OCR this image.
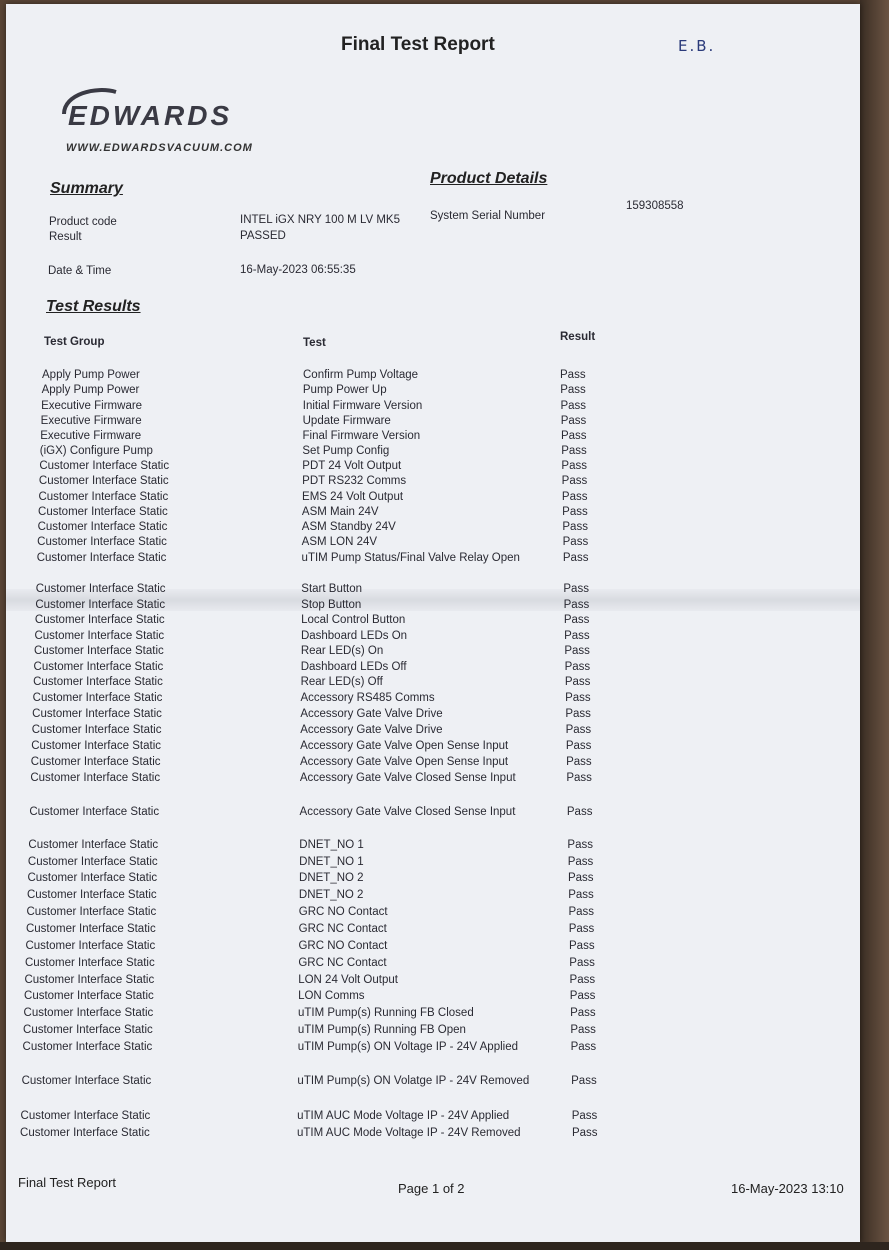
Final Test Report	E.B.
EDWARDS
WWW.EDWARDSVACUUM.COM
Summary
Product Details
Product code	INTEL iGX NRY 100 M LV MK5	System Serial Number
159308558
Result	PASSED
Date & Time	16-May-2023 06:55:35
Test Results
Test Group	Test	Result
Apply Pump Power	Confirm Pump Voltage	Pass
Apply Pump Power	Pump Power Up	Pass
Executive Firmware	Initial Firmware Version	Pass
Executive Firmware	Update Firmware	Pass
Executive Firmware	Final Firmware Version	Pass
(iGX) Configure Pump	Set Pump Config	Pass
Customer Interface Static	PDT 24 Volt Output	Pass
Customer Interface Static	PDT RS232 Comms	Pass
Customer Interface Static	EMS 24 Volt Output	Pass
Customer Interface Static	ASM Main 24V	Pass
Customer Interface Static	ASM Standby 24V	Pass
Customer Interface Static	ASM LON 24V	Pass
Customer Interface Static	uTIM Pump Status/Final Valve Relay Open	Pass
Customer Interface Static	Start Button	Pass
Customer Interface Static	Stop Button	Pass
Customer Interface Static	Local Control Button	Pass
Customer Interface Static	Dashboard LEDs On	Pass
Customer Interface Static	Rear LED(s) On	Pass
Customer Interface Static	Dashboard LEDs Off	Pass
Customer Interface Static	Rear LED(s) Off	Pass
Customer Interface Static	Accessory RS485 Comms	Pass
Customer Interface Static	Accessory Gate Valve Drive	Pass
Customer Interface Static	Accessory Gate Valve Drive	Pass
Customer Interface Static	Accessory Gate Valve Open Sense Input	Pass
Customer Interface Static	Accessory Gate Valve Open Sense Input	Pass
Customer Interface Static	Accessory Gate Valve Closed Sense Input	Pass
Customer Interface Static	Accessory Gate Valve Closed Sense Input	Pass
Customer Interface Static	DNET_NO 1	Pass
Customer Interface Static	DNET_NO 1	Pass
Customer Interface Static	DNET_NO 2	Pass
Customer Interface Static	DNET_NO 2	Pass
Customer Interface Static	GRC NO Contact	Pass
Customer Interface Static	GRC NC Contact	Pass
Customer Interface Static	GRC NO Contact	Pass
Customer Interface Static	GRC NC Contact	Pass
Customer Interface Static	LON 24 Volt Output	Pass
Customer Interface Static	LON Comms	Pass
Customer Interface Static	uTIM Pump(s) Running FB Closed	Pass
Customer Interface Static	uTIM Pump(s) Running FB Open	Pass
Customer Interface Static	uTIM Pump(s) ON Voltage IP - 24V Applied	Pass
Customer Interface Static	uTIM Pump(s) ON Volatge IP - 24V Removed	Pass
Customer Interface Static	uTIM AUC Mode Voltage IP - 24V Applied	Pass
Customer Interface Static	uTIM AUC Mode Voltage IP - 24V Removed	Pass
Final Test Report	Page 1 of 2	16-May-2023 13:10
